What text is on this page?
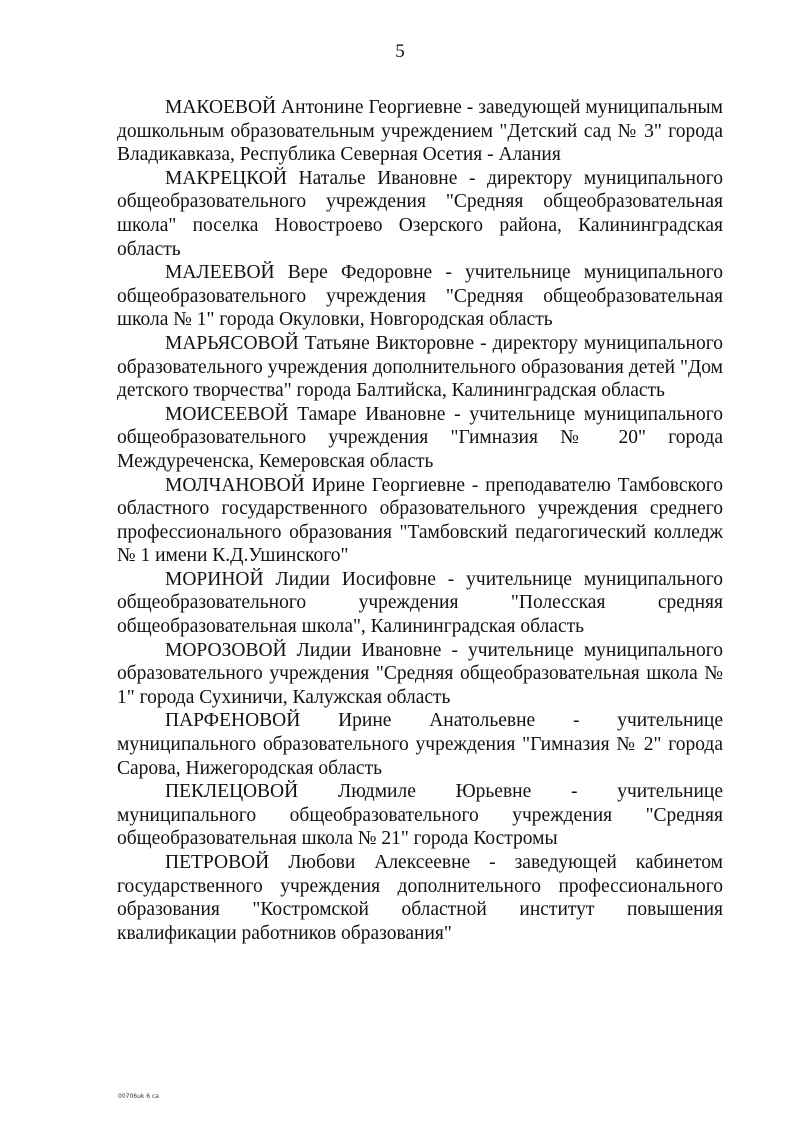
5

МАКОЕВОЙ Антонине Георгиевне - заведующей муниципальным дошкольным образовательным учреждением "Детский сад № 3" города Владикавказа, Республика Северная Осетия - Алания

МАКРЕЦКОЙ Наталье Ивановне - директору муниципального общеобразовательного учреждения "Средняя общеобразовательная школа" поселка Новостроево Озерского района, Калининградская область

МАЛЕЕВОЙ Вере Федоровне - учительнице муниципального общеобразовательного учреждения "Средняя общеобразовательная школа № 1" города Окуловки, Новгородская область

МАРЬЯСОВОЙ Татьяне Викторовне - директору муниципального образовательного учреждения дополнительного образования детей "Дом детского творчества" города Балтийска, Калининградская область

МОИСЕЕВОЙ Тамаре Ивановне - учительнице муниципального общеобразовательного учреждения "Гимназия № 20" города Междуреченска, Кемеровская область

МОЛЧАНОВОЙ Ирине Георгиевне - преподавателю Тамбовского областного государственного образовательного учреждения среднего профессионального образования "Тамбовский педагогический колледж № 1 имени К.Д.Ушинского"

МОРИНОЙ Лидии Иосифовне - учительнице муниципального общеобразовательного учреждения "Полесская средняя общеобразовательная школа", Калининградская область

МОРОЗОВОЙ Лидии Ивановне - учительнице муниципального образовательного учреждения "Средняя общеобразовательная школа № 1" города Сухиничи, Калужская область

ПАРФЕНОВОЙ Ирине Анатольевне - учительнице муниципального образовательного учреждения "Гимназия № 2" города Сарова, Нижегородская область

ПЕКЛЕЦОВОЙ Людмиле Юрьевне - учительнице муниципального общеобразовательного учреждения "Средняя общеобразовательная школа № 21" города Костромы

ПЕТРОВОЙ Любови Алексеевне - заведующей кабинетом государственного учреждения дополнительного профессионального образования "Костромской областной институт повышения квалификации работников образования"

00706uk 6 ca
